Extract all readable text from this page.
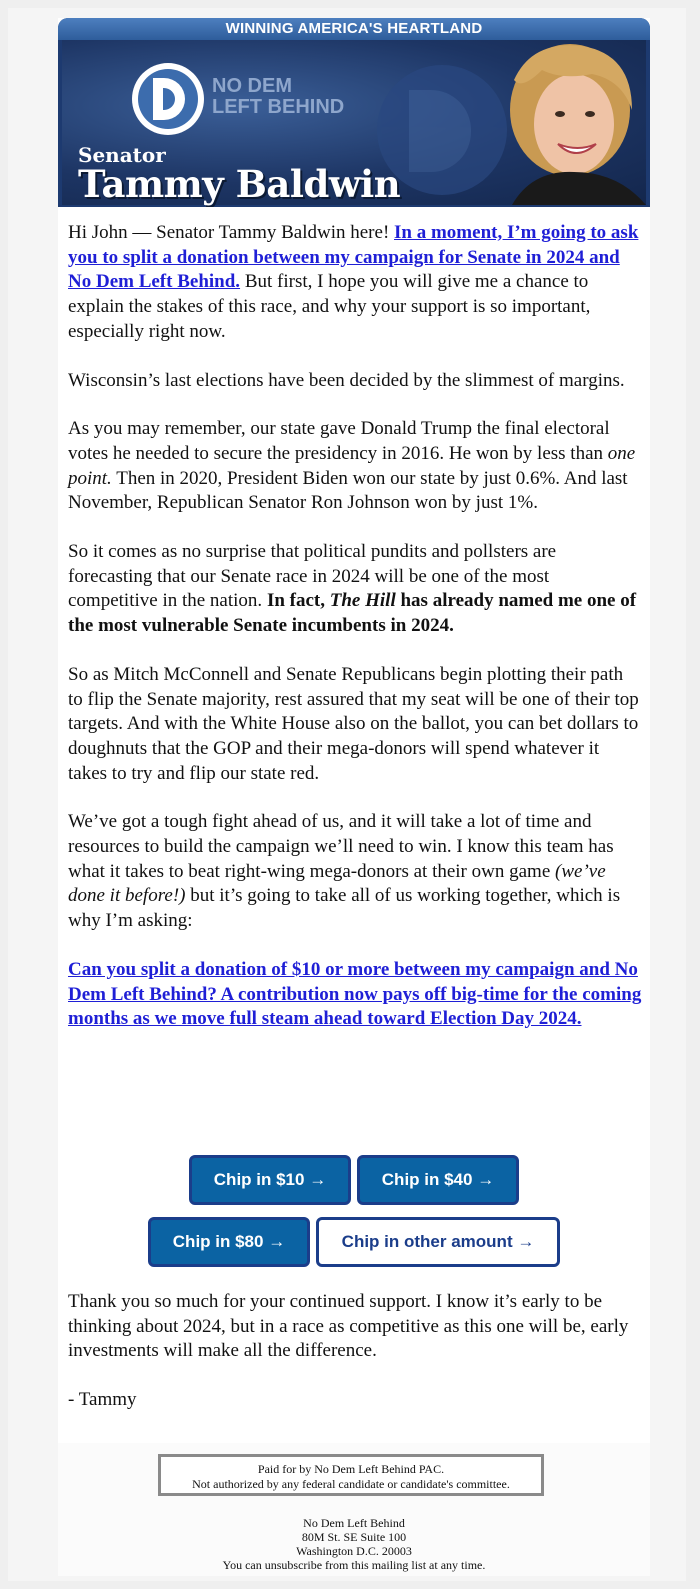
WINNING AMERICA'S HEARTLAND
NO DEM
LEFT BEHIND
Senator
Tammy Baldwin

Hi John — Senator Tammy Baldwin here! In a moment, I’m going to ask you to split a donation between my campaign for Senate in 2024 and No Dem Left Behind. But first, I hope you will give me a chance to explain the stakes of this race, and why your support is so important, especially right now.

Wisconsin’s last elections have been decided by the slimmest of margins.

As you may remember, our state gave Donald Trump the final electoral votes he needed to secure the presidency in 2016. He won by less than one point. Then in 2020, President Biden won our state by just 0.6%. And last November, Republican Senator Ron Johnson won by just 1%.

So it comes as no surprise that political pundits and pollsters are forecasting that our Senate race in 2024 will be one of the most competitive in the nation. In fact, The Hill has already named me one of the most vulnerable Senate incumbents in 2024.

So as Mitch McConnell and Senate Republicans begin plotting their path to flip the Senate majority, rest assured that my seat will be one of their top targets. And with the White House also on the ballot, you can bet dollars to doughnuts that the GOP and their mega-donors will spend whatever it takes to try and flip our state red.

We’ve got a tough fight ahead of us, and it will take a lot of time and resources to build the campaign we’ll need to win. I know this team has what it takes to beat right-wing mega-donors at their own game (we’ve done it before!) but it’s going to take all of us working together, which is why I’m asking:

Can you split a donation of $10 or more between my campaign and No Dem Left Behind? A contribution now pays off big-time for the coming months as we move full steam ahead toward Election Day 2024.

Chip in $10 →	Chip in $40 →
Chip in $80 →	Chip in other amount →

Thank you so much for your continued support. I know it’s early to be thinking about 2024, but in a race as competitive as this one will be, early investments will make all the difference.

- Tammy

Paid for by No Dem Left Behind PAC.
Not authorized by any federal candidate or candidate's committee.
No Dem Left Behind
80M St. SE Suite 100
Washington D.C. 20003
You can unsubscribe from this mailing list at any time.
